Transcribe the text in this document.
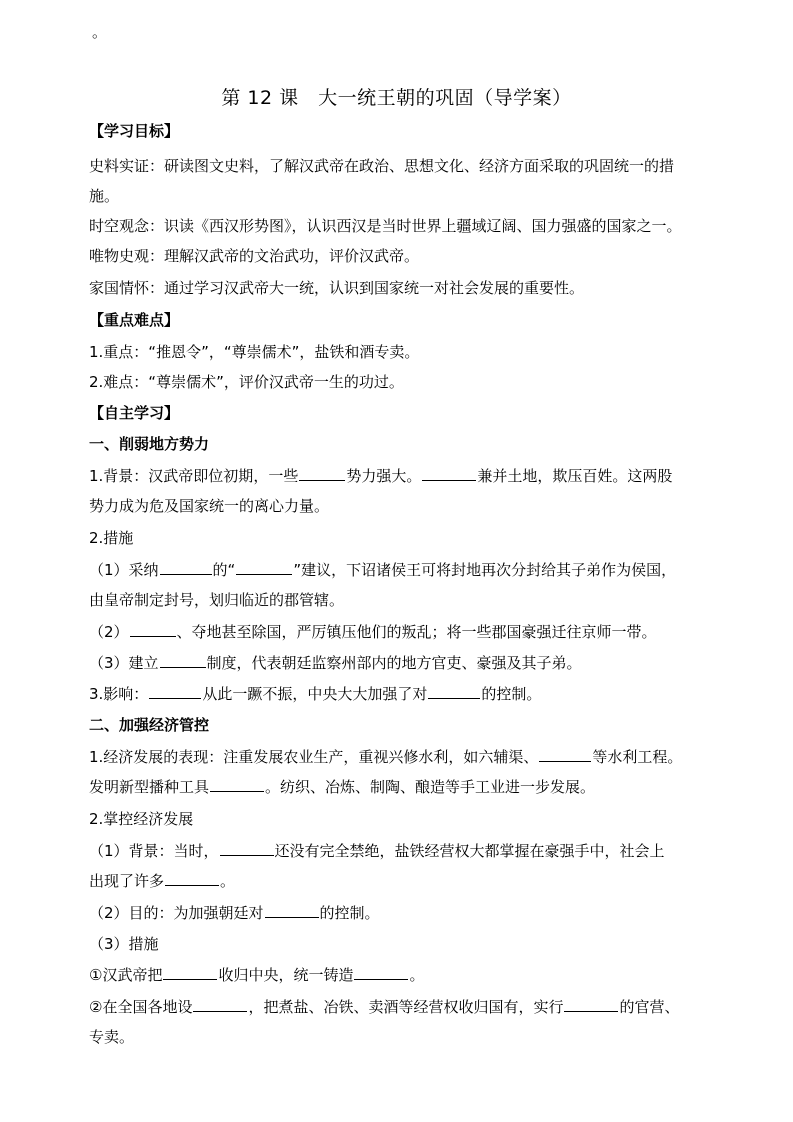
。
第 12 课　大一统王朝的巩固（导学案）
【学习目标】
史料实证：研读图文史料，了解汉武帝在政治、思想文化、经济方面采取的巩固统一的措
施。
时空观念：识读《西汉形势图》，认识西汉是当时世界上疆域辽阔、国力强盛的国家之一。
唯物史观：理解汉武帝的文治武功，评价汉武帝。
家国情怀：通过学习汉武帝大一统，认识到国家统一对社会发展的重要性。
【重点难点】
1.重点：“推恩令”，“尊崇儒术”，盐铁和酒专卖。
2.难点：“尊崇儒术”，评价汉武帝一生的功过。
【自主学习】
一、削弱地方势力
1.背景：汉武帝即位初期，一些	势力强大。	兼并土地，欺压百姓。这两股
势力成为危及国家统一的离心力量。
2.措施
（1）采纳	的“	”建议，下诏诸侯王可将封地再次分封给其子弟作为侯国，
由皇帝制定封号，划归临近的郡管辖。
（2）	、夺地甚至除国，严厉镇压他们的叛乱；将一些郡国豪强迁往京师一带。
（3）建立	制度，代表朝廷监察州部内的地方官吏、豪强及其子弟。
3.影响：	从此一蹶不振，中央大大加强了对	的控制。
二、加强经济管控
1.经济发展的表现：注重发展农业生产，重视兴修水利，如六辅渠、	等水利工程。
发明新型播种工具	。纺织、冶炼、制陶、酿造等手工业进一步发展。
2.掌控经济发展
（1）背景：当时，	还没有完全禁绝，盐铁经营权大都掌握在豪强手中，社会上
出现了许多	。
（2）目的：为加强朝廷对	的控制。
（3）措施
①汉武帝把	收归中央，统一铸造	。
②在全国各地设	，把煮盐、冶铁、卖酒等经营权收归国有，实行	的官营、
专卖。
